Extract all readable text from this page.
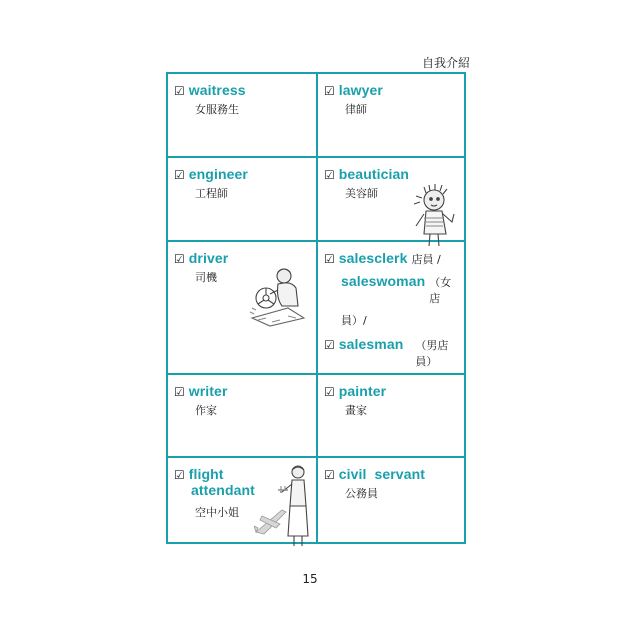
自我介紹
☑ waitress
女服務生
☑ lawyer
律師
☑ engineer
工程師
☑ beautician
美容師
☑ driver
司機
☑ salesclerk 店員 /
saleswoman （女店
員）/
☑ salesman （男店員）
☑ writer
作家
☑ painter
畫家
☑ flight
attendant
空中小姐
☑ civil  servant
公務員
15
